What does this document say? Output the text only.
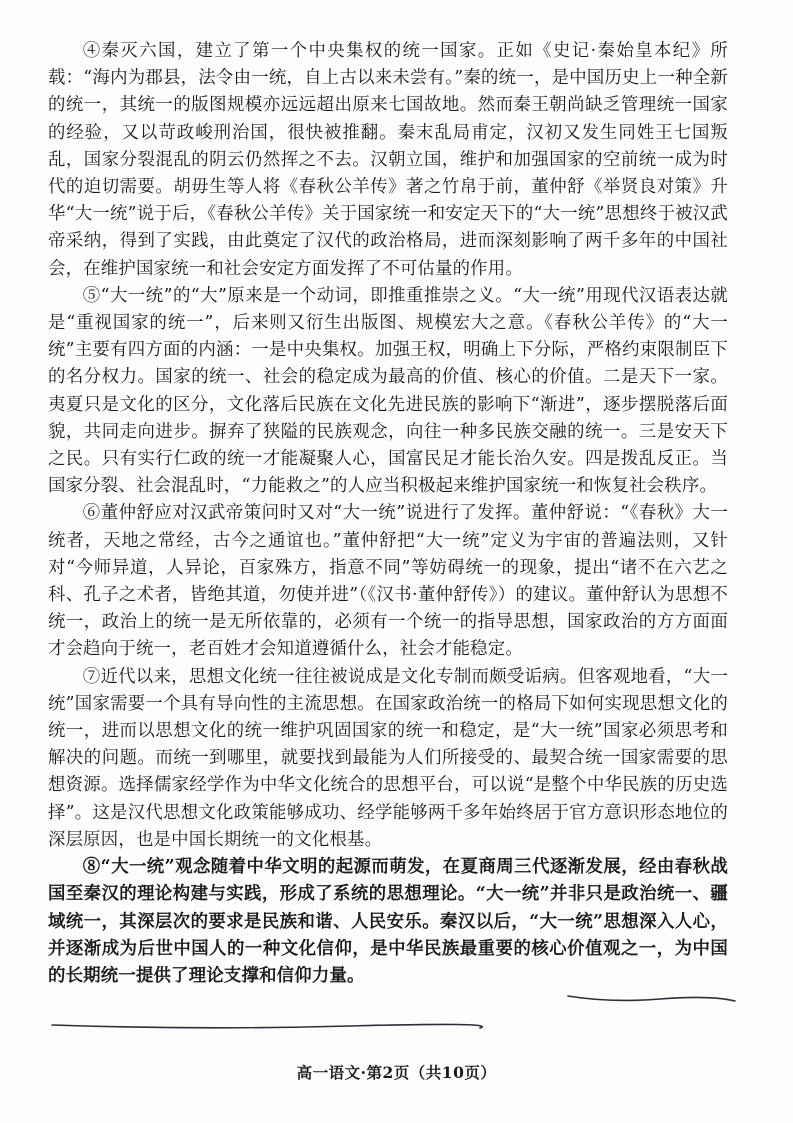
④秦灭六国，建立了第一个中央集权的统一国家。正如《史记·秦始皇本纪》所载：“海内为郡县，法令由一统，自上古以来未尝有。”秦的统一，是中国历史上一种全新的统一，其统一的版图规模亦远远超出原来七国故地。然而秦王朝尚缺乏管理统一国家的经验，又以苛政峻刑治国，很快被推翻。秦末乱局甫定，汉初又发生同姓王七国叛乱，国家分裂混乱的阴云仍然挥之不去。汉朝立国，维护和加强国家的空前统一成为时代的迫切需要。胡毋生等人将《春秋公羊传》著之竹帛于前，董仲舒《举贤良对策》升华“大一统”说于后，《春秋公羊传》关于国家统一和安定天下的“大一统”思想终于被汉武帝采纳，得到了实践，由此奠定了汉代的政治格局，进而深刻影响了两千多年的中国社会，在维护国家统一和社会安定方面发挥了不可估量的作用。

⑤“大一统”的“大”原来是一个动词，即推重推崇之义。“大一统”用现代汉语表达就是“重视国家的统一”，后来则又衍生出版图、规模宏大之意。《春秋公羊传》的“大一统”主要有四方面的内涵：一是中央集权。加强王权，明确上下分际，严格约束限制臣下的名分权力。国家的统一、社会的稳定成为最高的价值、核心的价值。二是天下一家。夷夏只是文化的区分，文化落后民族在文化先进民族的影响下“渐进”，逐步摆脱落后面貌，共同走向进步。摒弃了狭隘的民族观念，向往一种多民族交融的统一。三是安天下之民。只有实行仁政的统一才能凝聚人心，国富民足才能长治久安。四是拨乱反正。当国家分裂、社会混乱时，“力能救之”的人应当积极起来维护国家统一和恢复社会秩序。

⑥董仲舒应对汉武帝策问时又对“大一统”说进行了发挥。董仲舒说：“《春秋》大一统者，天地之常经，古今之通谊也。”董仲舒把“大一统”定义为宇宙的普遍法则，又针对“今师异道，人异论，百家殊方，指意不同”等妨碍统一的现象，提出“诸不在六艺之科、孔子之术者，皆绝其道，勿使并进”（《汉书·董仲舒传》）的建议。董仲舒认为思想不统一，政治上的统一是无所依靠的，必须有一个统一的指导思想，国家政治的方方面面才会趋向于统一，老百姓才会知道遵循什么，社会才能稳定。

⑦近代以来，思想文化统一往往被说成是文化专制而颇受诟病。但客观地看，“大一统”国家需要一个具有导向性的主流思想。在国家政治统一的格局下如何实现思想文化的统一，进而以思想文化的统一维护巩固国家的统一和稳定，是“大一统”国家必须思考和解决的问题。而统一到哪里，就要找到最能为人们所接受的、最契合统一国家需要的思想资源。选择儒家经学作为中华文化统合的思想平台，可以说“是整个中华民族的历史选择”。这是汉代思想文化政策能够成功、经学能够两千多年始终居于官方意识形态地位的深层原因，也是中国长期统一的文化根基。

⑧“大一统”观念随着中华文明的起源而萌发，在夏商周三代逐渐发展，经由春秋战国至秦汉的理论构建与实践，形成了系统的思想理论。“大一统”并非只是政治统一、疆域统一，其深层次的要求是民族和谐、人民安乐。秦汉以后，“大一统”思想深入人心，并逐渐成为后世中国人的一种文化信仰，是中华民族最重要的核心价值观之一，为中国的长期统一提供了理论支撑和信仰力量。

高一语文·第2页（共10页）
